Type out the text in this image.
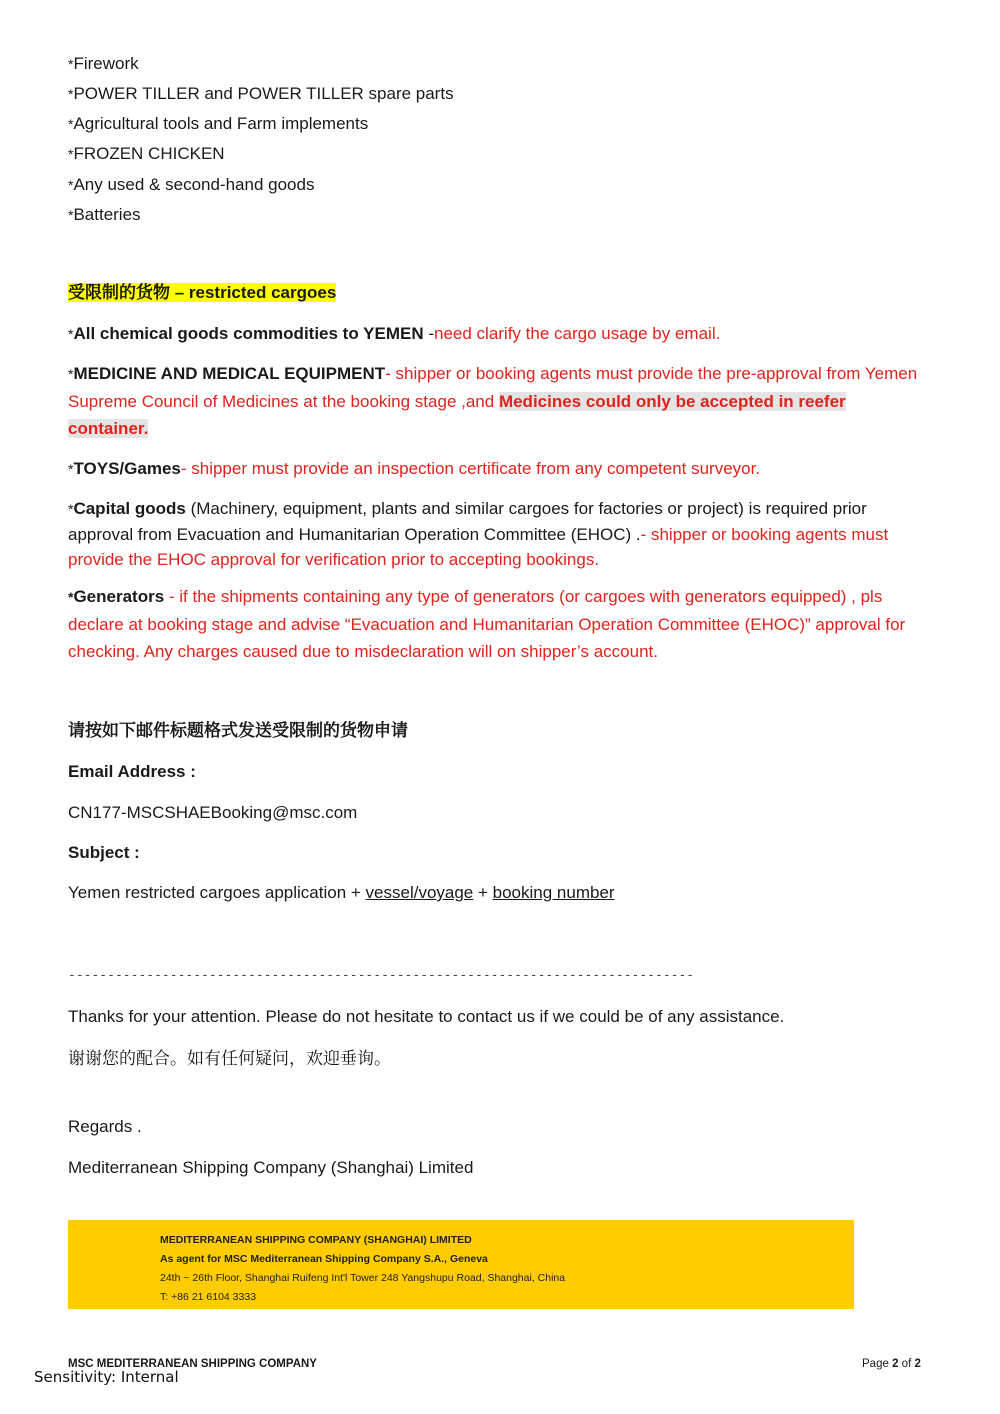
*Firework
*POWER TILLER and POWER TILLER spare parts
*Agricultural tools and Farm implements
*FROZEN CHICKEN
*Any used & second-hand goods
*Batteries
受限制的货物 – restricted cargoes
*All chemical goods commodities to YEMEN -need clarify the cargo usage by email.
*MEDICINE AND MEDICAL EQUIPMENT- shipper or booking agents must provide the pre-approval from Yemen Supreme Council of Medicines at the booking stage ,and Medicines could only be accepted in reefer container.
*TOYS/Games- shipper must provide an inspection certificate from any competent surveyor.
*Capital goods (Machinery, equipment, plants and similar cargoes for factories or project) is required prior approval from Evacuation and Humanitarian Operation Committee (EHOC) .- shipper or booking agents must provide the EHOC approval for verification prior to accepting bookings.
*Generators - if the shipments containing any type of generators (or cargoes with generators equipped) , pls declare at booking stage and advise “Evacuation and Humanitarian Operation Committee (EHOC)” approval for checking. Any charges caused due to misdeclaration will on shipper’s account.
请按如下邮件标题格式发送受限制的货物申请
Email Address :
CN177-MSCSHAEBooking@msc.com
Subject :
Yemen restricted cargoes application + vessel/voyage + booking number
--------------------------------------------------------------------------------
Thanks for your attention. Please do not hesitate to contact us if we could be of any assistance.
谢谢您的配合。如有任何疑问，欢迎垂询。
Regards .
Mediterranean Shipping Company (Shanghai) Limited
MEDITERRANEAN SHIPPING COMPANY (SHANGHAI) LIMITED
As agent for MSC Mediterranean Shipping Company S.A., Geneva
24th ~ 26th Floor, Shanghai Ruifeng Int'l Tower 248 Yangshupu Road, Shanghai, China
T: +86 21 6104 3333
MSC MEDITERRANEAN SHIPPING COMPANY	Page 2 of 2
Sensitivity: Internal
